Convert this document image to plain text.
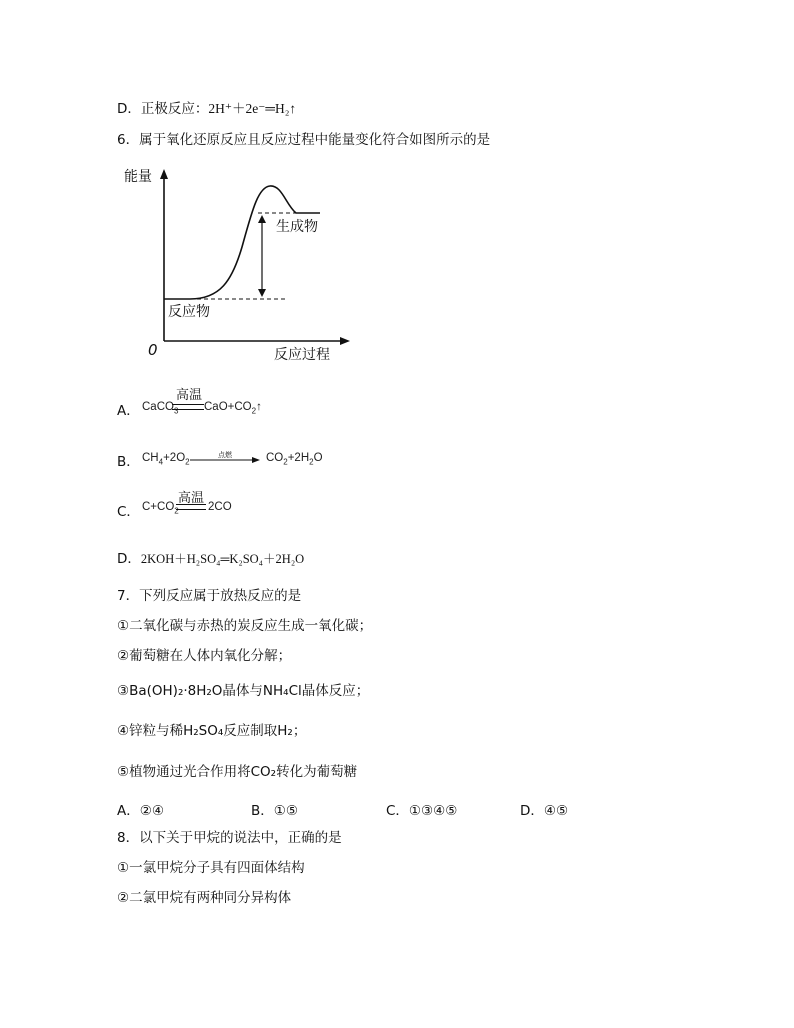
D．正极反应：2H⁺＋2e⁻═H₂↑
6．属于氧化还原反应且反应过程中能量变化符合如图所示的是
能量
0	反应过程
反应物
生成物
A． CaCO$_3$
高温
$CaO+CO_2↑$
B． $CH_4+2O_2$
点燃	$CO_2+2H_2O$
C． $C+CO_2$
高温
2CO
D．2KOH＋H₂SO₄═K₂SO₄＋2H₂O
7．下列反应属于放热反应的是
①二氧化碳与赤热的炭反应生成一氧化碳；
②葡萄糖在人体内氧化分解；
③Ba(OH)₂·8H₂O晶体与NH₄Cl晶体反应；
④锌粒与稀H₂SO₄反应制取H₂；
⑤植物通过光合作用将CO₂转化为葡萄糖
A．②④	B．①⑤	C．①③④⑤	D．④⑤
8．以下关于甲烷的说法中，正确的是
①一氯甲烷分子具有四面体结构
②二氯甲烷有两种同分异构体
